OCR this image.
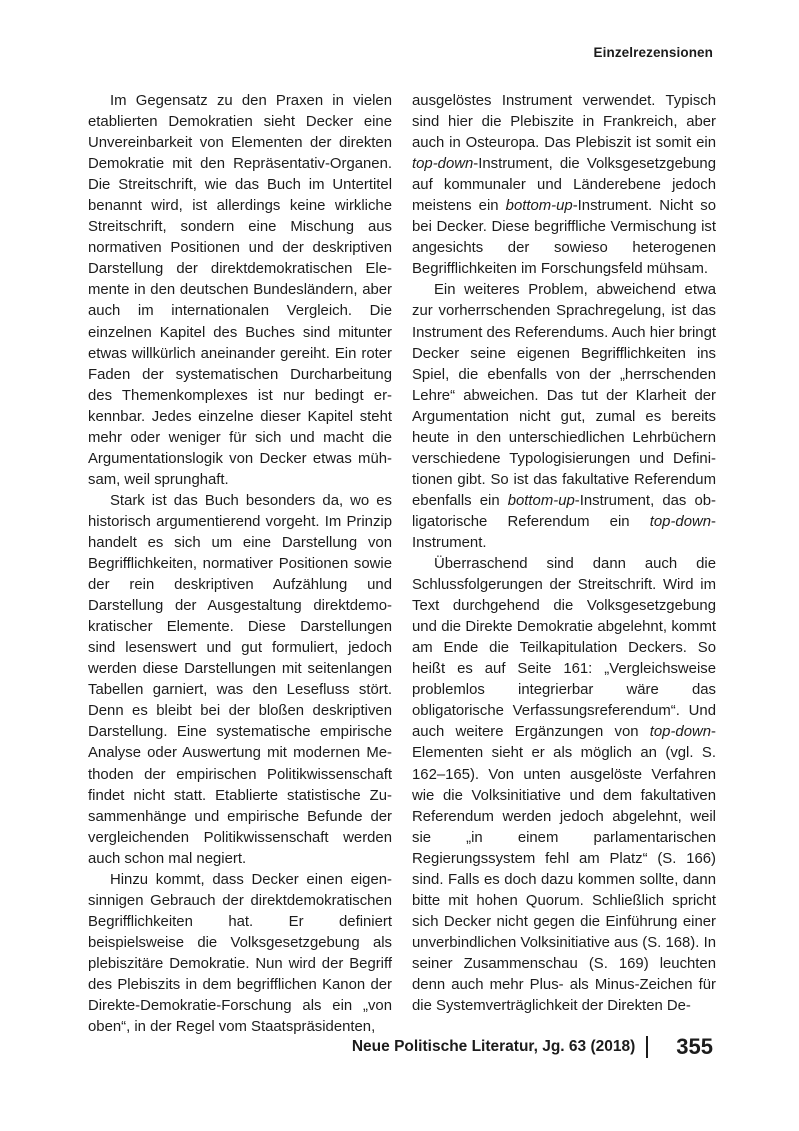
Einzelrezensionen

Im Gegensatz zu den Praxen in vielen etablierten Demokratien sieht Decker eine Unvereinbarkeit von Elementen der direkten Demokratie mit den Repräsentativ-Organen. Die Streitschrift, wie das Buch im Untertitel benannt wird, ist allerdings keine wirkliche Streitschrift, sondern eine Mischung aus normativen Positionen und der deskriptiven Darstellung der direktdemokratischen Elemente in den deutschen Bundesländern, aber auch im internationalen Vergleich. Die einzelnen Kapitel des Buches sind mitunter etwas willkürlich aneinander gereiht. Ein roter Faden der systematischen Durcharbeitung des Themenkomplexes ist nur bedingt erkennbar. Jedes einzelne dieser Kapitel steht mehr oder weniger für sich und macht die Argumentationslogik von Decker etwas mühsam, weil sprunghaft.

Stark ist das Buch besonders da, wo es historisch argumentierend vorgeht. Im Prinzip handelt es sich um eine Darstellung von Begrifflichkeiten, normativer Positionen sowie der rein deskriptiven Aufzählung und Darstellung der Ausgestaltung direktdemokratischer Elemente. Diese Darstellungen sind lesenswert und gut formuliert, jedoch werden diese Darstellungen mit seitenlangen Tabellen garniert, was den Lesefluss stört. Denn es bleibt bei der bloßen deskriptiven Darstellung. Eine systematische empirische Analyse oder Auswertung mit modernen Methoden der empirischen Politikwissenschaft findet nicht statt. Etablierte statistische Zusammenhänge und empirische Befunde der vergleichenden Politikwissenschaft werden auch schon mal negiert.

Hinzu kommt, dass Decker einen eigensinnigen Gebrauch der direktdemokratischen Begrifflichkeiten hat. Er definiert beispielsweise die Volksgesetzgebung als plebiszitäre Demokratie. Nun wird der Begriff des Plebiszits in dem begrifflichen Kanon der Direkte-Demokratie-Forschung als ein „von oben“, in der Regel vom Staatspräsidenten,

ausgelöstes Instrument verwendet. Typisch sind hier die Plebiszite in Frankreich, aber auch in Osteuropa. Das Plebiszit ist somit ein top-down-Instrument, die Volksgesetzgebung auf kommunaler und Länderebene jedoch meistens ein bottom-up-Instrument. Nicht so bei Decker. Diese begriffliche Vermischung ist angesichts der sowieso heterogenen Begrifflichkeiten im Forschungsfeld mühsam.

Ein weiteres Problem, abweichend etwa zur vorherrschenden Sprachregelung, ist das Instrument des Referendums. Auch hier bringt Decker seine eigenen Begrifflichkeiten ins Spiel, die ebenfalls von der „herrschenden Lehre“ abweichen. Das tut der Klarheit der Argumentation nicht gut, zumal es bereits heute in den unterschiedlichen Lehrbüchern verschiedene Typologisierungen und Definitionen gibt. So ist das fakultative Referendum ebenfalls ein bottom-up-Instrument, das obligatorische Referendum ein top-down-Instrument.

Überraschend sind dann auch die Schlussfolgerungen der Streitschrift. Wird im Text durchgehend die Volksgesetzgebung und die Direkte Demokratie abgelehnt, kommt am Ende die Teilkapitulation Deckers. So heißt es auf Seite 161: „Vergleichsweise problemlos integrierbar wäre das obligatorische Verfassungsreferendum“. Und auch weitere Ergänzungen von top-down-Elementen sieht er als möglich an (vgl. S. 162–165). Von unten ausgelöste Verfahren wie die Volksinitiative und dem fakultativen Referendum werden jedoch abgelehnt, weil sie „in einem parlamentarischen Regierungssystem fehl am Platz“ (S. 166) sind. Falls es doch dazu kommen sollte, dann bitte mit hohen Quorum. Schließlich spricht sich Decker nicht gegen die Einführung einer unverbindlichen Volksinitiative aus (S. 168). In seiner Zusammenschau (S. 169) leuchten denn auch mehr Plus- als Minus-Zeichen für die Systemverträglichkeit der Direkten De-

Neue Politische Literatur, Jg. 63 (2018) 355
